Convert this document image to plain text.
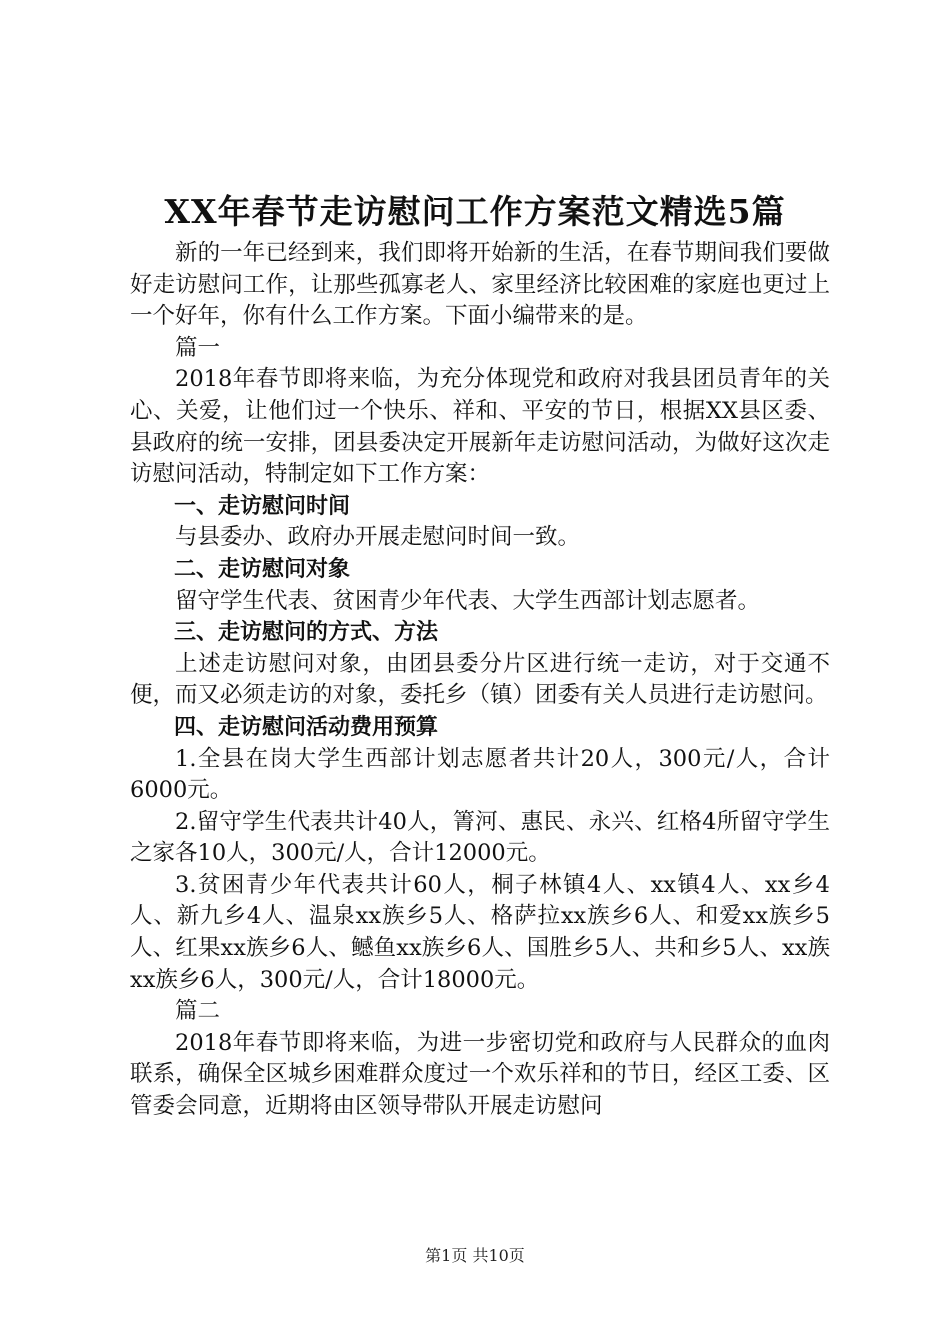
XX年春节走访慰问工作方案范文精选5篇

新的一年已经到来，我们即将开始新的生活，在春节期间我们要做好走访慰问工作，让那些孤寡老人、家里经济比较困难的家庭也更过上一个好年，你有什么工作方案。下面小编带来的是。

篇一

2018年春节即将来临，为充分体现党和政府对我县团员青年的关心、关爱，让他们过一个快乐、祥和、平安的节日，根据XX县区委、县政府的统一安排，团县委决定开展新年走访慰问活动，为做好这次走访慰问活动，特制定如下工作方案：

一、走访慰问时间

与县委办、政府办开展走慰问时间一致。

二、走访慰问对象

留守学生代表、贫困青少年代表、大学生西部计划志愿者。

三、走访慰问的方式、方法

上述走访慰问对象，由团县委分片区进行统一走访，对于交通不便，而又必须走访的对象，委托乡（镇）团委有关人员进行走访慰问。

四、走访慰问活动费用预算

1.全县在岗大学生西部计划志愿者共计20人，300元/人，合计6000元。

2.留守学生代表共计40人，箐河、惠民、永兴、红格4所留守学生之家各10人，300元/人，合计12000元。

3.贫困青少年代表共计60人，桐子林镇4人、xx镇4人、xx乡4人、新九乡4人、温泉xx族乡5人、格萨拉xx族乡6人、和爱xx族乡5人、红果xx族乡6人、鳡鱼xx族乡6人、国胜乡5人、共和乡5人、xx族xx族乡6人，300元/人，合计18000元。

篇二

2018年春节即将来临，为进一步密切党和政府与人民群众的血肉联系，确保全区城乡困难群众度过一个欢乐祥和的节日，经区工委、区管委会同意，近期将由区领导带队开展走访慰问

第1页 共10页
